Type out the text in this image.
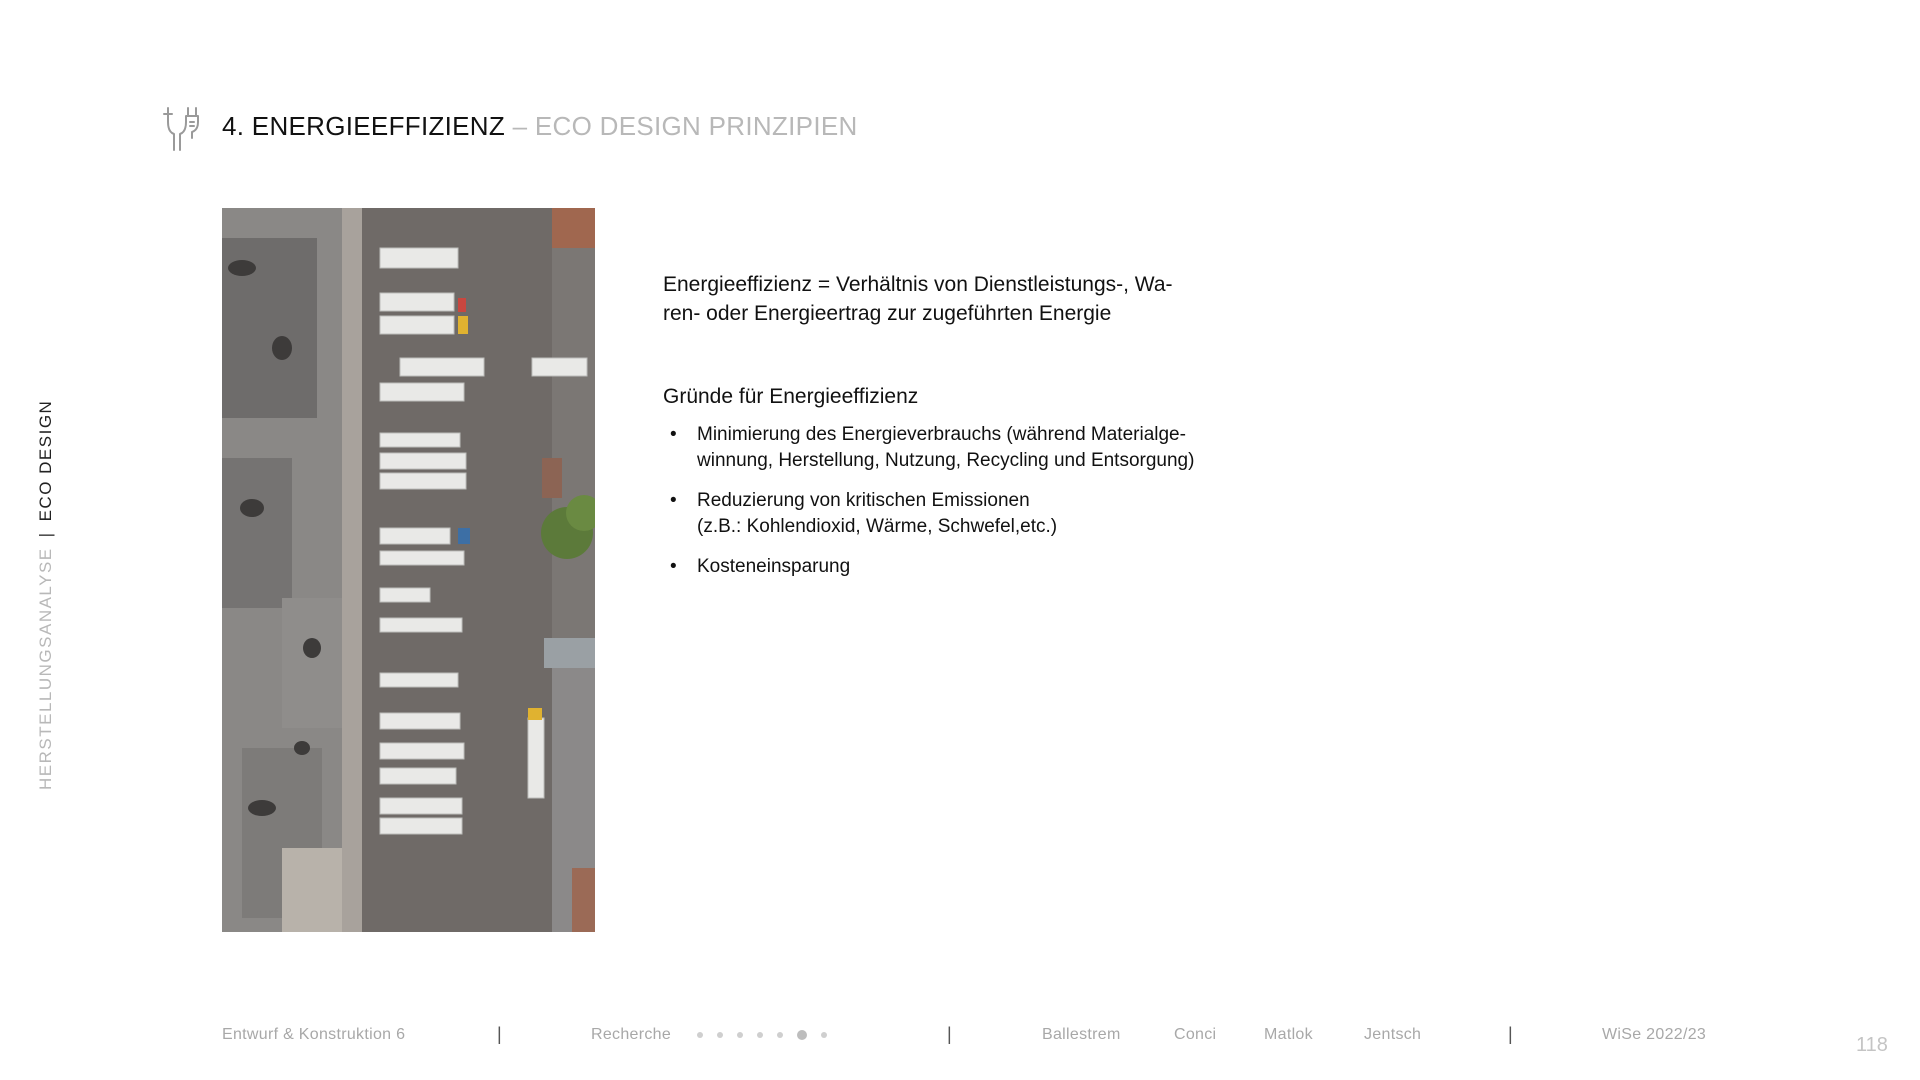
4. ENERGIEEFFIZIENZ – ECO DESIGN PRINZIPIEN
HERSTELLUNGSANALYSE|ECO DESIGN
Energieeffizienz = Verhältnis von Dienstleistungs-, Wa-
ren- oder Energieertrag zur zugeführten Energie
Gründe für Energieeffizienz
• Minimierung des Energieverbrauchs (während Materialge-
winnung, Herstellung, Nutzung, Recycling und Entsorgung)
• Reduzierung von kritischen Emissionen
(z.B.: Kohlendioxid, Wärme, Schwefel,etc.)
• Kosteneinsparung
Entwurf & Konstruktion 6	|	Recherche	|	Ballestrem	Conci	Matlok	Jentsch	|	WiSe 2022/23	118
